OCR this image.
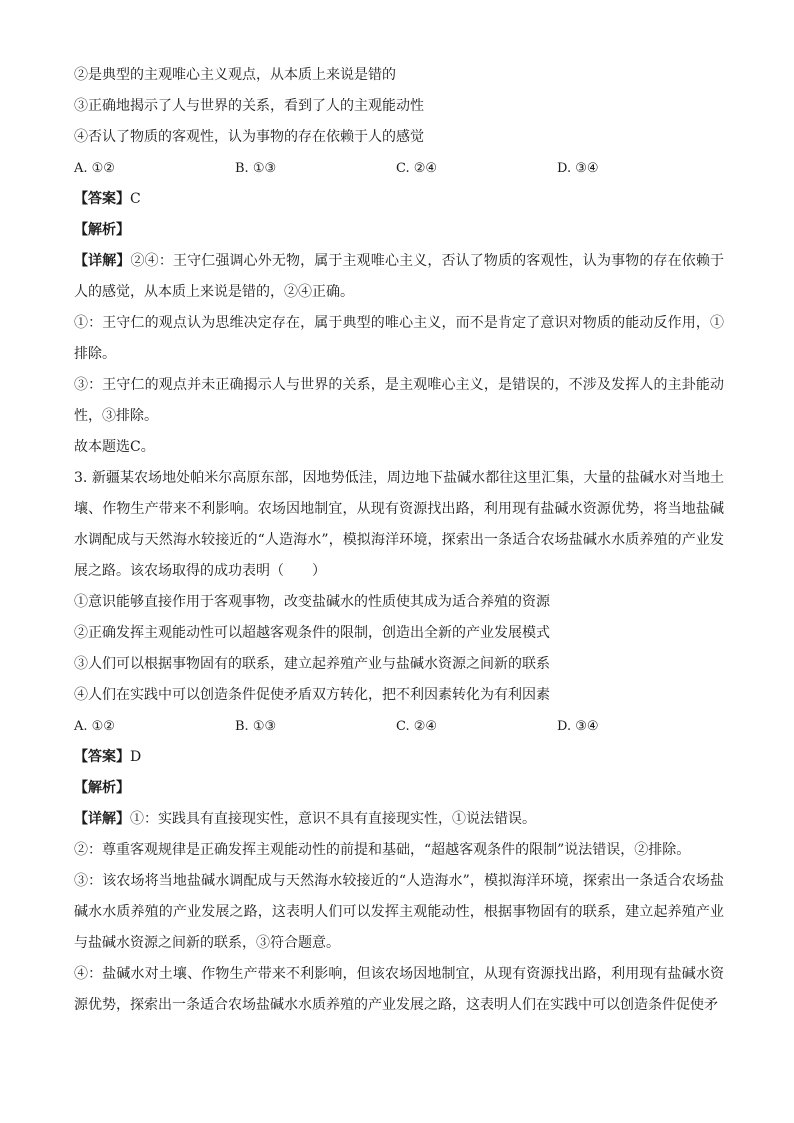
②是典型的主观唯心主义观点，从本质上来说是错的
③正确地揭示了人与世界的关系，看到了人的主观能动性
④否认了物质的客观性，认为事物的存在依赖于人的感觉
A. ①②	B. ①③	C. ②④	D. ③④
【答案】C
【解析】
【详解】②④：王守仁强调心外无物，属于主观唯心主义，否认了物质的客观性，认为事物的存在依赖于人的感觉，从本质上来说是错的，②④正确。
①：王守仁的观点认为思维决定存在，属于典型的唯心主义，而不是肯定了意识对物质的能动反作用，①排除。
③：王守仁的观点并未正确揭示人与世界的关系，是主观唯心主义，是错误的，不涉及发挥人的主卦能动性，③排除。
故本题选C。
3. 新疆某农场地处帕米尔高原东部，因地势低洼，周边地下盐碱水都往这里汇集，大量的盐碱水对当地土壤、作物生产带来不利影响。农场因地制宜，从现有资源找出路，利用现有盐碱水资源优势，将当地盐碱水调配成与天然海水较接近的“人造海水”，模拟海洋环境，探索出一条适合农场盐碱水水质养殖的产业发展之路。该农场取得的成功表明（　　）
①意识能够直接作用于客观事物，改变盐碱水的性质使其成为适合养殖的资源
②正确发挥主观能动性可以超越客观条件的限制，创造出全新的产业发展模式
③人们可以根据事物固有的联系，建立起养殖产业与盐碱水资源之间新的联系
④人们在实践中可以创造条件促使矛盾双方转化，把不利因素转化为有利因素
A. ①②	B. ①③	C. ②④	D. ③④
【答案】D
【解析】
【详解】①：实践具有直接现实性，意识不具有直接现实性，①说法错误。
②：尊重客观规律是正确发挥主观能动性的前提和基础，“超越客观条件的限制”说法错误，②排除。
③：该农场将当地盐碱水调配成与天然海水较接近的“人造海水”，模拟海洋环境，探索出一条适合农场盐碱水水质养殖的产业发展之路，这表明人们可以发挥主观能动性，根据事物固有的联系，建立起养殖产业与盐碱水资源之间新的联系，③符合题意。
④：盐碱水对土壤、作物生产带来不利影响，但该农场因地制宜，从现有资源找出路，利用现有盐碱水资源优势，探索出一条适合农场盐碱水水质养殖的产业发展之路，这表明人们在实践中可以创造条件促使矛
